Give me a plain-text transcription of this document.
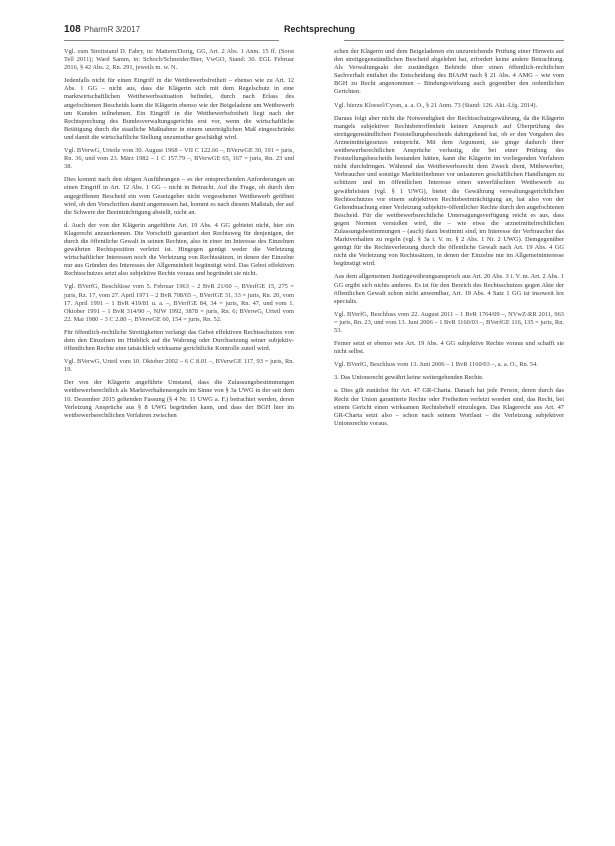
108 PharmR 3/2017	Rechtsprechung

Vgl. zum Streitstand D. Fabry, in: Mattern/Dorig, GG, Art. 2 Abs. 1 Anm. 15 ff. (Sorst Tell 2011); Ward Samm, in: Schoch/Schneider/Bier, VwGO, Stand: 30. EGL Februar 2016, § 42 Abs. 2, Rn. 291, jeweils m. w. N.

Jedenfalls nicht für einen Eingriff in die Wettbewerbsfreiheit – ebenso wie zu Art. 12 Abs. 1 GG – nicht aus, dass die Klägerin sich mit dem Regelschutz in eine marktwirtschaftlichen Wettbewerbssituation befindet, durch nach Erlass des angefochtenen Bescheids kann die Klägerin ebenso wie der Beigeladene um Wettbewerb um Kunden teilnehmen. Ein Eingriff in die Wettbewerbsfreiheit liegt nach der Rechtsprechung des Bundesverwaltungsgerichts erst vor, wenn die wirtschaftliche Betätigung durch die staatliche Maßnahme in einem unerträglichen Maß eingeschränkt und damit die wirtschaftliche Stellung unzumutbar geschädigt wird.

Vgl. BVerwG, Urteile vom 30. August 1968 – VII C 122.66 –, BVerwGE 30, 191 = juris, Rn. 36, und vom 23. März 1982 – 1 C 157.79 –, BVerwGE 65, 167 = juris, Rn. 23 und 38.

Dies kommt nach den obigen Ausführungen – es der entsprechenden Anforderungen an einen Eingriff in Art. 12 Abs. 1 GG – nicht in Betracht. Auf die Frage, ob durch den angegriffenen Bescheid ein vom Gesetzgeber nicht vorgesehener Wettbewerb geöffnet wird, ob den Vorschriften damit angemessen hat, kommt es nach diesem Maßstab, der auf die Schwere der Beeinträchtigung abstellt, nicht an.

d. Auch der von der Klägerin angeführte Art. 19 Abs. 4 GG gebietet nicht, hier ein Klagerecht anzuerkennen. Die Vorschrift garantiert den Rechtsweg für denjenigen, der durch die öffentliche Gewalt in seinen Rechten, also in einer im Interesse des Einzelnen gewährten Rechtsposition verletzt ist. Hingegen genügt weder die Verletzung wirtschaftlicher Interessen noch die Verletzung von Rechtssätzen, in denen der Einzelne nur aus Gründen des Interesses der Allgemeinheit begünstigt wird. Das Gebot effektiven Rechtsschutzes setzt also subjektive Rechte voraus und begründet sie nicht.

Vgl. BVerfG, Beschlüsse vom 5. Februar 1963 – 2 BvR 21/60 –, BVerfGE 15, 275 = juris, Rz. 17, vom 27. April 1971 – 2 BvR 708/65 –, BVerfGE 31, 33 = juris, Rn. 20, vom 17. April 1991 – 1 BvR 419/81 u. a. –, BVerfGE 84, 34 = juris, Rn. 47, und vom 1. Oktober 1991 – 1 BvR 314/90 –, NJW 1992, 3878 = juris, Rn. 6; BVerwG, Urteil vom 22. Mai 1980 – 3 C 2.80 –, BVerwGE 60, 154 = juris, Rn. 52.

Für öffentlich-rechtliche Streitigkeiten verlangt das Gebot effektiven Rechtsschutzes von dem den Einzelnen im Hinblick auf die Wahrung oder Durchsetzung seiner subjektiv-öffentlichen Rechte eine tatsächlich wirksame gerichtliche Kontrolle zuteil wird.

Vgl. BVerwG, Urteil vom 10. Oktober 2002 – 6 C 8.01 –, BVerwGE 117, 93 = juris, Rn. 19.

Der von der Klägerin angeführte Umstand, dass die Zulassungsbestimmungen wettbewerbsrechtlich als Marktverhaltensregeln im Sinne von § 3a UWG in der seit dem 10. Dezember 2015 geltenden Fassung (§ 4 Nr. 11 UWG a. F.) betrachtet werden, deren Verletzung Ansprüche aus § 8 UWG begründen kann, und dass der BGH hier im wettbewerbsrechtlichen Verfahren zwischen

schen der Klägerin und dem Beigeladenen ein unzureichende Prüfung einer Hinweis auf den streitgegenständlichen Bescheid abgelehnt hat, erfordert keine andere Betrachtung. Als Verwaltungsakt der zuständigen Behörde über einen öffentlich-rechtlichen Sachverhalt entfaltet die Entscheidung des BfArM nach § 21 Abs. 4 AMG – wie vom BGH zu Recht angenommen – Bindungswirkung auch gegenüber den ordentlichen Gerichten.

Vgl. hierzu Kloesel/Cyran, a. a. O., § 21 Anm. 73 (Stand: 126. Akt.-Lfg. 2014).

Daraus folgt aber nicht die Notwendigkeit der Rechtsschutzgewährung, da die Klägerin mangels subjektiver Rechtsbetroffenheit keinen Anspruch auf Überprüfung des streitgegenständlichen Feststellungsbescheids dahingehend hat, ob er den Vorgaben des Arzneimittelgesetzes entspricht. Mit dem Argument, sie ginge dadurch ihrer wettbewerbsrechtlichen Ansprüche verlustig, die bei einer Prüfung des Feststellungsbescheids bestanden hätten, kann die Klägerin im vorliegenden Verfahren nicht durchdringen. Während das Wettbewerbsrecht dem Zweck dient, Mitbewerber, Verbraucher und sonstige Marktteilnehmer vor unlauteren geschäftlichen Handlungen zu schützen und im öffentlichen Interesse einen unverfälschten Wettbewerb zu gewährleisten (vgl. § 1 UWG), bietet die Gewährung verwaltungsgerichtlichen Rechtsschutzes vor einem subjektiven Rechtsbeeinträchtigung an, hat also von der Geltendmachung einer Verletzung subjektiv-öffentlicher Rechte durch den angefochtenen Bescheid. Für die wettbewerbsrechtliche Untersagungsverfügung reicht es aus, dass gegen Normen verstoßen wird, die – wie etwa die arzneimittelrechtlichen Zulassungsbestimmungen – (auch) dazu bestimmt sind, im Interesse der Verbraucher das Marktverhalten zu regeln (vgl. § 3a i. V. m. § 2 Abs. 1 Nr. 2 UWG). Demgegenüber genügt für die Rechtsverletzung durch die öffentliche Gewalt nach Art. 19 Abs. 4 GG nicht die Verletzung von Rechtssätzen, in denen der Einzelne nur im Allgemeininteresse begünstigt wird.

Aus dem allgemeinen Justizgewährungsanspruch aus Art. 20 Abs. 3 i. V. m. Art. 2 Abs. 1 GG ergibt sich nichts anderes. Es ist für den Bereich des Rechtsschutzes gegen Akte der öffentlichen Gewalt schon nicht anwendbar, Art. 19 Abs. 4 Satz 1 GG ist insoweit lex specialis.

Vgl. BVerfG, Beschluss vom 22. August 2011 – 1 BvR 1764/09 –, NVwZ-RR 2011, 963 = juris, Rn. 23, und vom 13. Juni 2006 – 1 BvR 1160/03 –, BVerfGE 116, 135 = juris, Rn. 53.

Ferner setzt er ebenso wie Art. 19 Abs. 4 GG subjektive Rechte voraus und schafft sie nicht selbst.

Vgl. BVerfG, Beschluss vom 13. Juni 2006 – 1 BvR 1160/03 –, a. a. O., Rn. 54.

3. Das Unionsrecht gewährt keine weitergehenden Rechte.

a. Dies gilt zunächst für Art. 47 GR-Charta. Danach hat jede Person, deren durch das Recht der Union garantierte Rechte oder Freiheiten verletzt worden sind, das Recht, bei einem Gericht einen wirksamen Rechtsbehelf einzulegen. Das Klagerecht aus Art. 47 GR-Charta setzt also – schon nach seinem Wortlaut – die Verletzung subjektiver Unionsrechte voraus.
